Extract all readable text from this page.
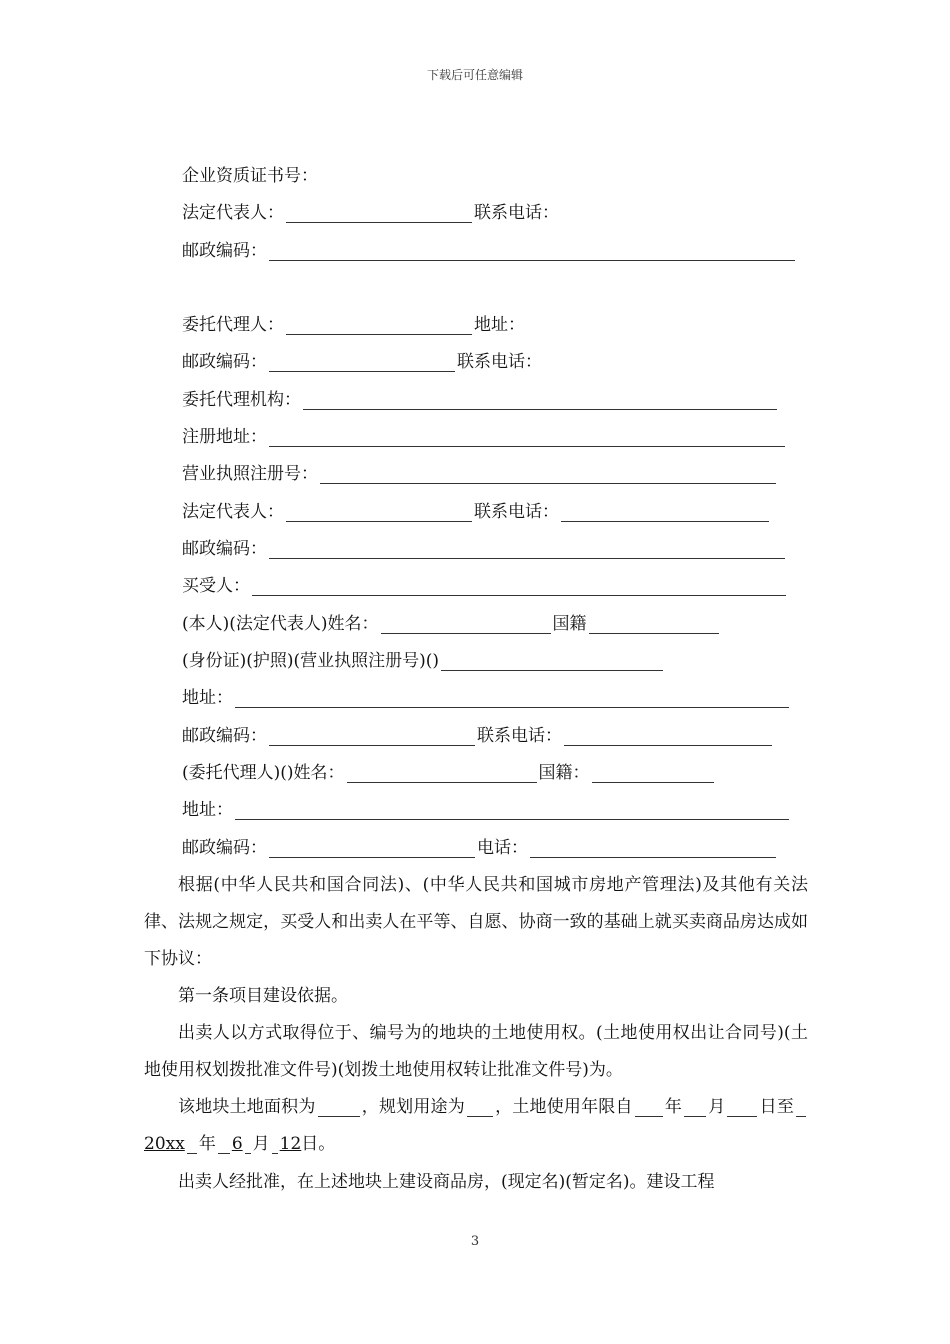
下载后可任意编辑
企业资质证书号：
法定代表人：	联系电话：
邮政编码：
委托代理人：	地址：
邮政编码：	联系电话：
委托代理机构：
注册地址：
营业执照注册号：
法定代表人：	联系电话：
邮政编码：
买受人：
(本人)(法定代表人)姓名：	国籍
(身份证)(护照)(营业执照注册号)()
地址：
邮政编码：	联系电话：
(委托代理人)()姓名：	国籍：
地址：
邮政编码：	电话：
根据(中华人民共和国合同法)、(中华人民共和国城市房地产管理法)及其他有关法律、法规之规定，买受人和出卖人在平等、自愿、协商一致的基础上就买卖商品房达成如下协议：
第一条项目建设依据。
出卖人以方式取得位于、编号为的地块的土地使用权。(土地使用权出让合同号)(土地使用权划拨批准文件号)(划拨土地使用权转让批准文件号)为。
该地块土地面积为	，规划用途为 ，土地使用年限自 年 月 日至20xx 年 6 月 12日。
出卖人经批准，在上述地块上建设商品房，(现定名)(暂定名)。建设工程
3
